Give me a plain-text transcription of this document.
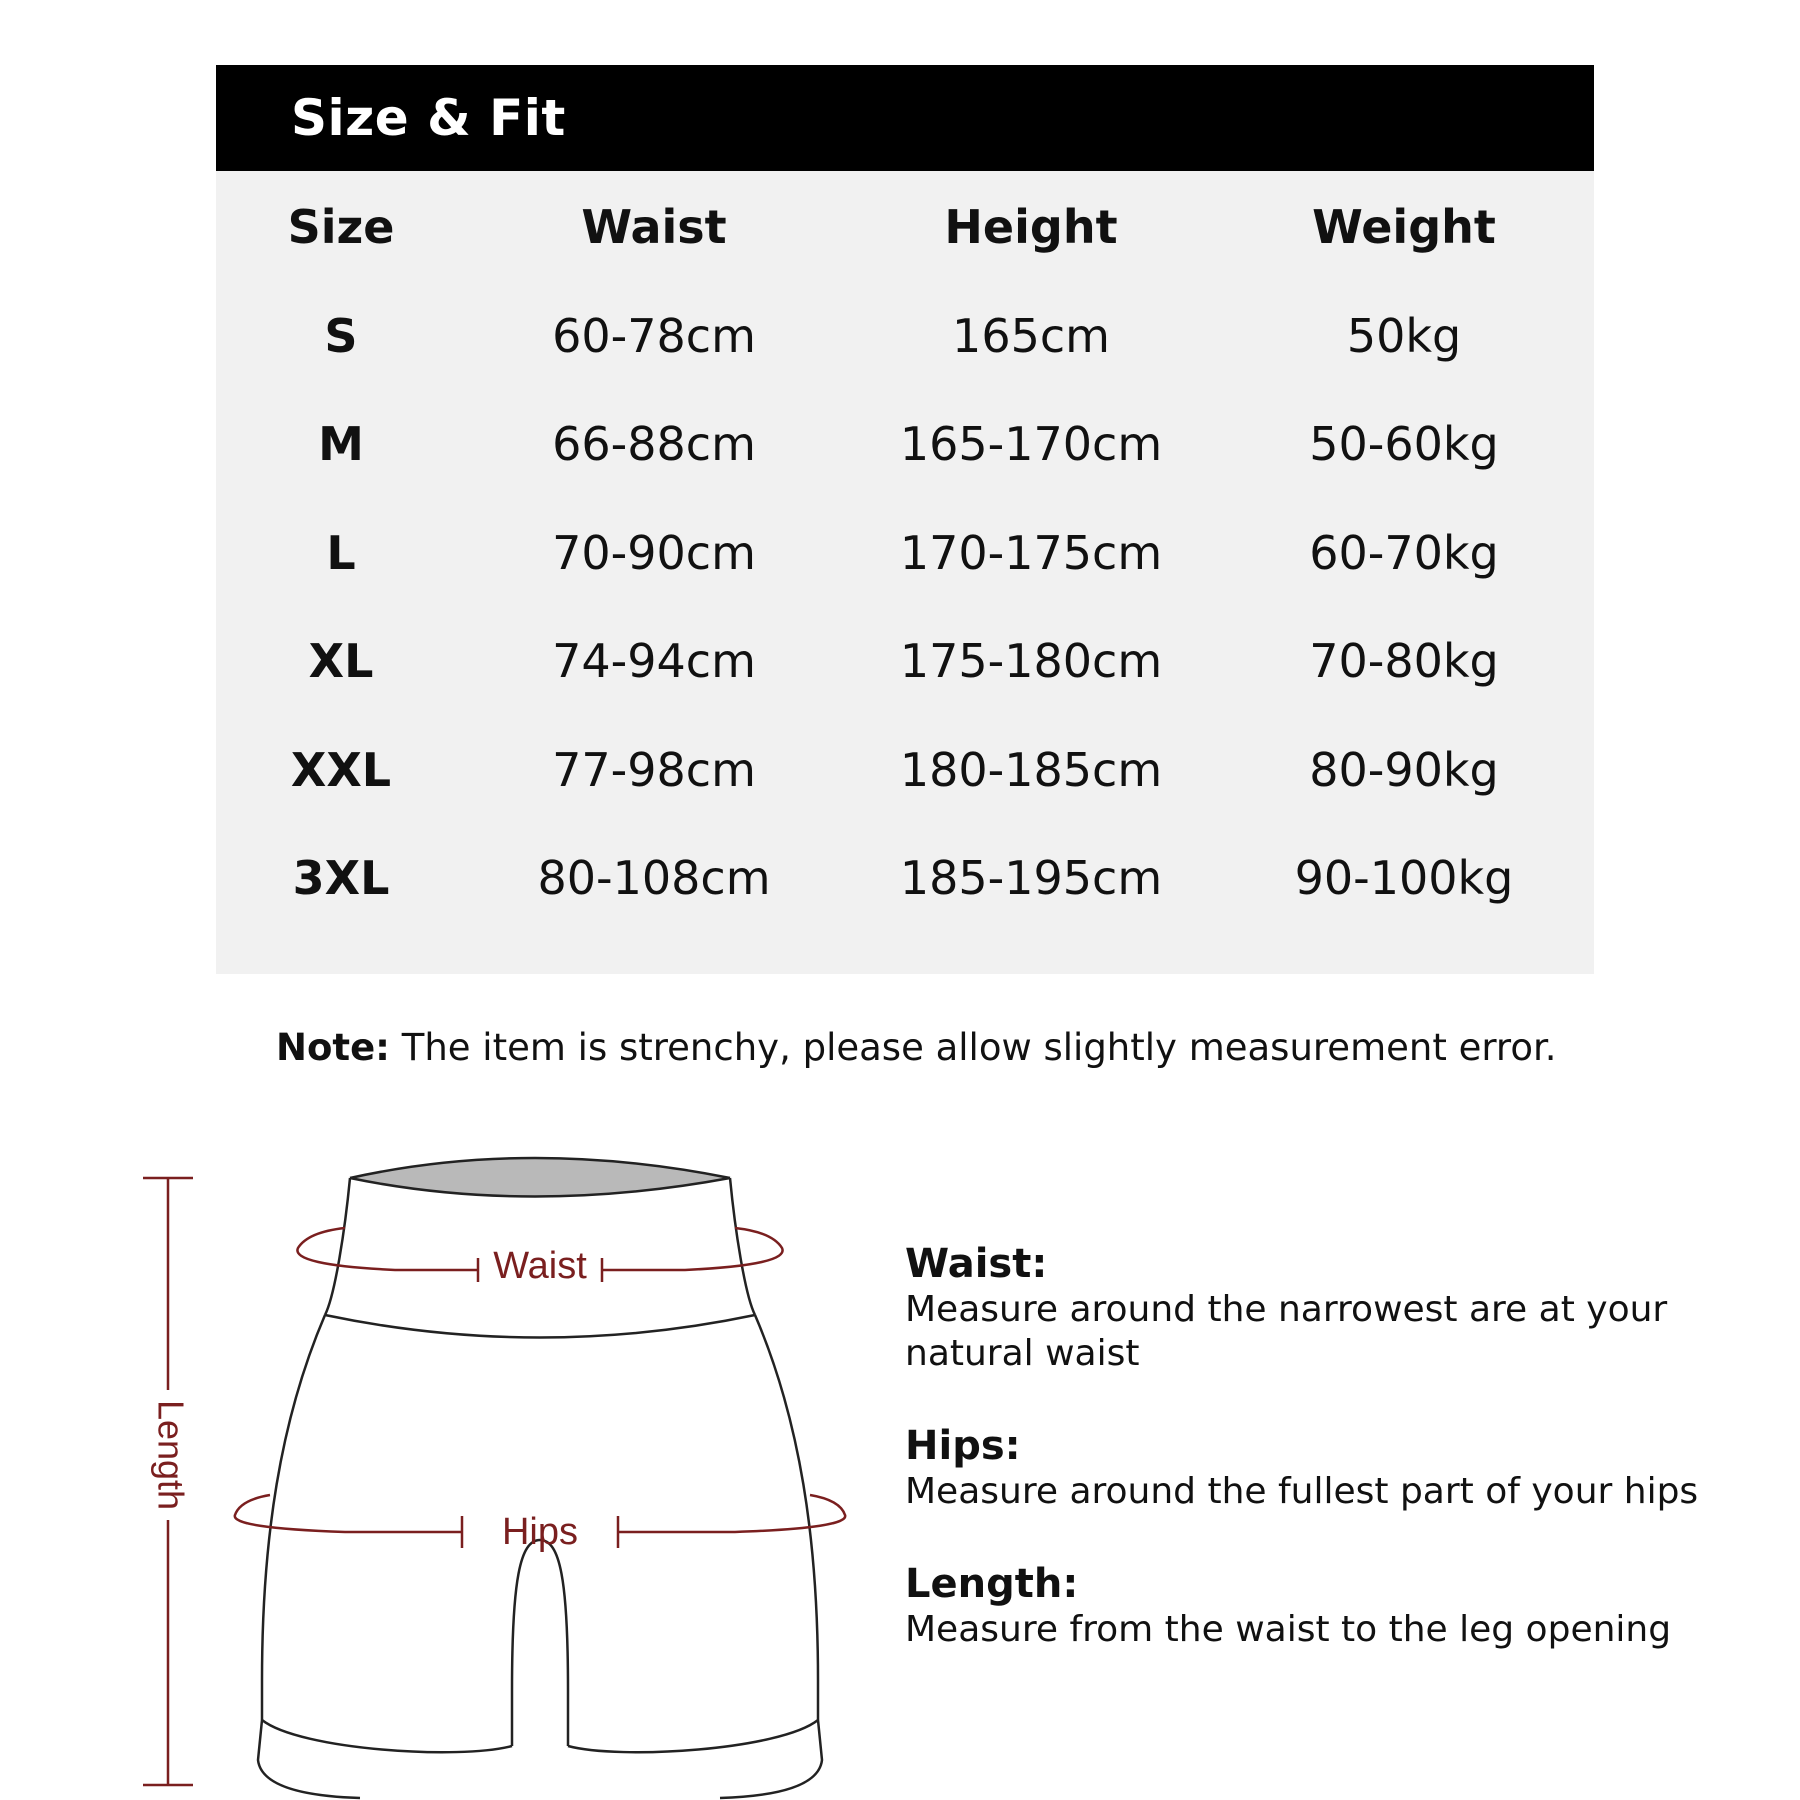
Size & Fit
Size	Waist	Height	Weight
S	60-78cm	165cm	50kg
M	66-88cm	165-170cm	50-60kg
L	70-90cm	170-175cm	60-70kg
XL	74-94cm	175-180cm	70-80kg
XXL	77-98cm	180-185cm	80-90kg
3XL	80-108cm	185-195cm	90-100kg
Note: The item is strenchy, please allow slightly measurement error.
Length
Waist
Hips
Waist:
Measure around the narrowest are at your natural waist
Hips:
Measure around the fullest part of your hips
Length:
Measure from the waist to the leg opening
